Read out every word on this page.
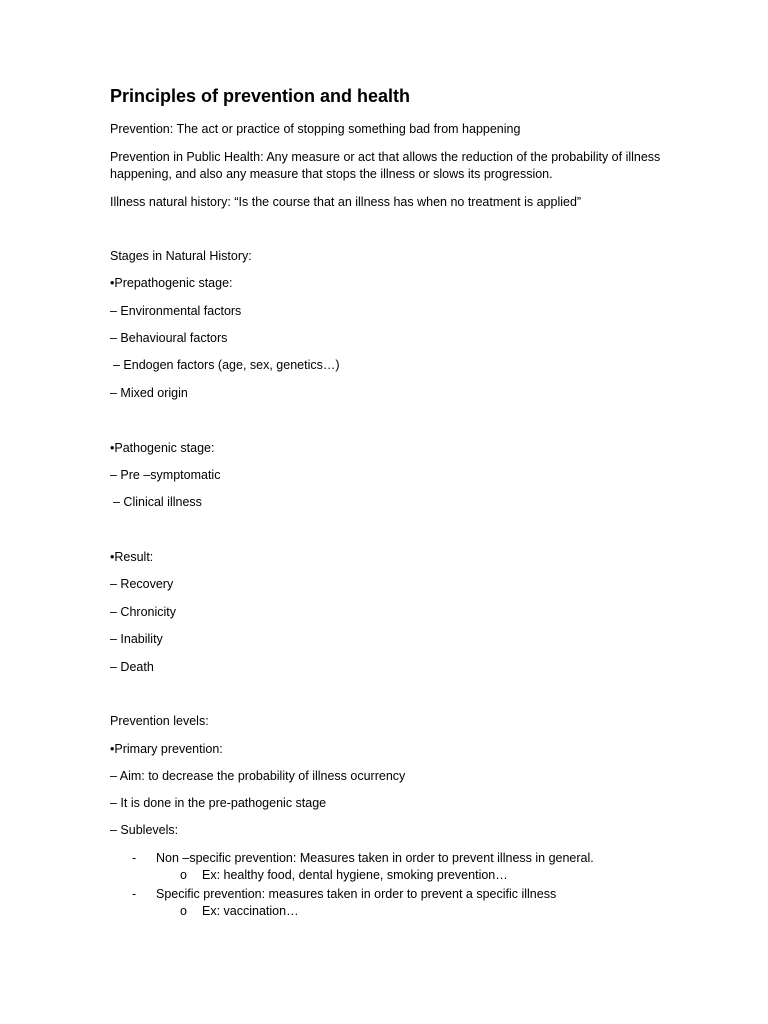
Principles of prevention and health

Prevention: The act or practice of stopping something bad from happening

Prevention in Public Health: Any measure or act that allows the reduction of the probability of illness happening, and also any measure that stops the illness or slows its progression.

Illness natural history: “Is the course that an illness has when no treatment is applied”

Stages in Natural History:

•Prepathogenic stage:

– Environmental factors

– Behavioural factors

– Endogen factors (age, sex, genetics…)

– Mixed origin

•Pathogenic stage:

– Pre –symptomatic

– Clinical illness

•Result:

– Recovery

– Chronicity

– Inability

– Death

Prevention levels:

•Primary prevention:

– Aim: to decrease the probability of illness ocurrency

– It is done in the pre-pathogenic stage

– Sublevels:

- Non –specific prevention: Measures taken in order to prevent illness in general.

o Ex: healthy food, dental hygiene, smoking prevention…

- Specific prevention: measures taken in order to prevent a specific illness

o Ex: vaccination…
